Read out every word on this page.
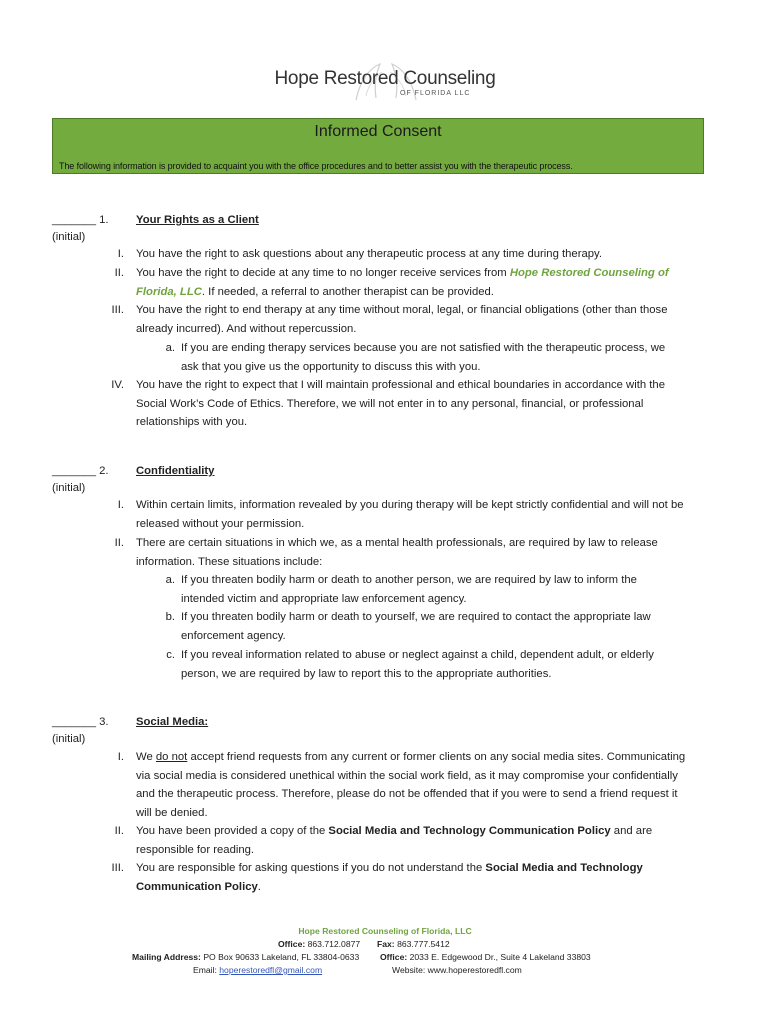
Hope Restored Counseling
OF FLORIDA LLC
Informed Consent
The following information is provided to acquaint you with the office procedures and to better assist you with the therapeutic process.
_______ 1.
(initial)
Your Rights as a Client
I. You have the right to ask questions about any therapeutic process at any time during therapy.
II. You have the right to decide at any time to no longer receive services from Hope Restored Counseling of Florida, LLC. If needed, a referral to another therapist can be provided.
III. You have the right to end therapy at any time without moral, legal, or financial obligations (other than those already incurred). And without repercussion.
a. If you are ending therapy services because you are not satisfied with the therapeutic process, we ask that you give us the opportunity to discuss this with you.
IV. You have the right to expect that I will maintain professional and ethical boundaries in accordance with the Social Work’s Code of Ethics. Therefore, we will not enter in to any personal, financial, or professional relationships with you.
_______ 2.
(initial)
Confidentiality
I. Within certain limits, information revealed by you during therapy will be kept strictly confidential and will not be released without your permission.
II. There are certain situations in which we, as a mental health professionals, are required by law to release information. These situations include:
a. If you threaten bodily harm or death to another person, we are required by law to inform the intended victim and appropriate law enforcement agency.
b. If you threaten bodily harm or death to yourself, we are required to contact the appropriate law enforcement agency.
c. If you reveal information related to abuse or neglect against a child, dependent adult, or elderly person, we are required by law to report this to the appropriate authorities.
_______ 3.
(initial)
Social Media:
I. We do not accept friend requests from any current or former clients on any social media sites. Communicating via social media is considered unethical within the social work field, as it may compromise your confidentially and the therapeutic process. Therefore, please do not be offended that if you were to send a friend request it will be denied.
II. You have been provided a copy of the Social Media and Technology Communication Policy and are responsible for reading.
III. You are responsible for asking questions if you do not understand the Social Media and Technology Communication Policy.
Hope Restored Counseling of Florida, LLC
Office: 863.712.0877 Fax: 863.777.5412
Mailing Address: PO Box 90633 Lakeland, FL 33804-0633 Office: 2033 E. Edgewood Dr., Suite 4 Lakeland 33803
Email: hoperestoredfl@gmail.com	Website: www.hoperestoredfl.com
